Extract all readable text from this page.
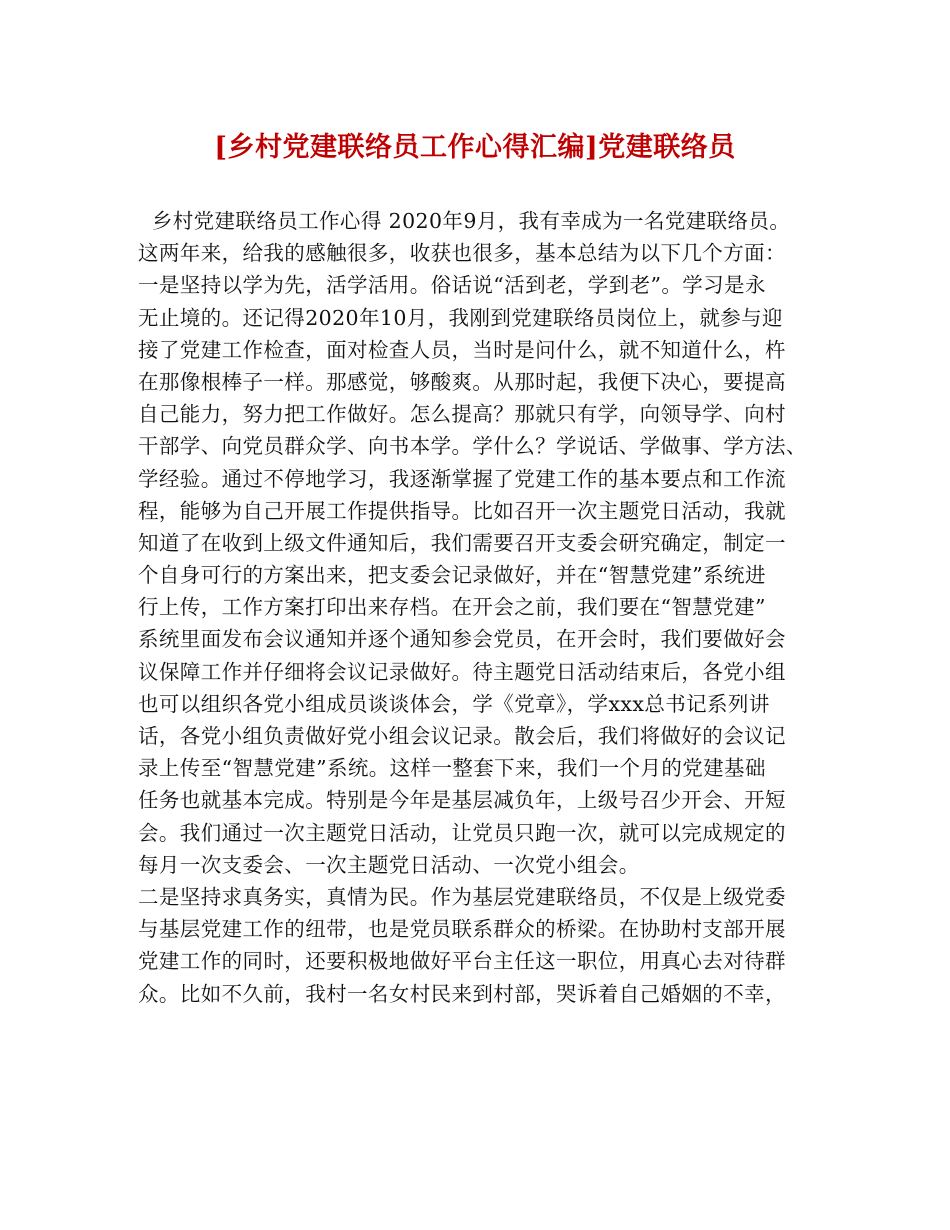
[乡村党建联络员工作心得汇编]党建联络员
乡村党建联络员工作心得 2020年9月，我有幸成为一名党建联络员。
这两年来，给我的感触很多，收获也很多，基本总结为以下几个方面：
一是坚持以学为先，活学活用。俗话说“活到老，学到老”。学习是永
无止境的。还记得2020年10月，我刚到党建联络员岗位上，就参与迎
接了党建工作检查，面对检查人员，当时是问什么，就不知道什么，杵
在那像根棒子一样。那感觉，够酸爽。从那时起，我便下决心，要提高
自己能力，努力把工作做好。怎么提高？那就只有学，向领导学、向村
干部学、向党员群众学、向书本学。学什么？学说话、学做事、学方法、
学经验。通过不停地学习，我逐渐掌握了党建工作的基本要点和工作流
程，能够为自己开展工作提供指导。比如召开一次主题党日活动，我就
知道了在收到上级文件通知后，我们需要召开支委会研究确定，制定一
个自身可行的方案出来，把支委会记录做好，并在“智慧党建”系统进
行上传，工作方案打印出来存档。在开会之前，我们要在“智慧党建”
系统里面发布会议通知并逐个通知参会党员，在开会时，我们要做好会
议保障工作并仔细将会议记录做好。待主题党日活动结束后，各党小组
也可以组织各党小组成员谈谈体会，学《党章》，学xxx总书记系列讲
话，各党小组负责做好党小组会议记录。散会后，我们将做好的会议记
录上传至“智慧党建”系统。这样一整套下来，我们一个月的党建基础
任务也就基本完成。特别是今年是基层减负年，上级号召少开会、开短
会。我们通过一次主题党日活动，让党员只跑一次，就可以完成规定的
每月一次支委会、一次主题党日活动、一次党小组会。
二是坚持求真务实，真情为民。作为基层党建联络员，不仅是上级党委
与基层党建工作的纽带，也是党员联系群众的桥梁。在协助村支部开展
党建工作的同时，还要积极地做好平台主任这一职位，用真心去对待群
众。比如不久前，我村一名女村民来到村部，哭诉着自己婚姻的不幸，
